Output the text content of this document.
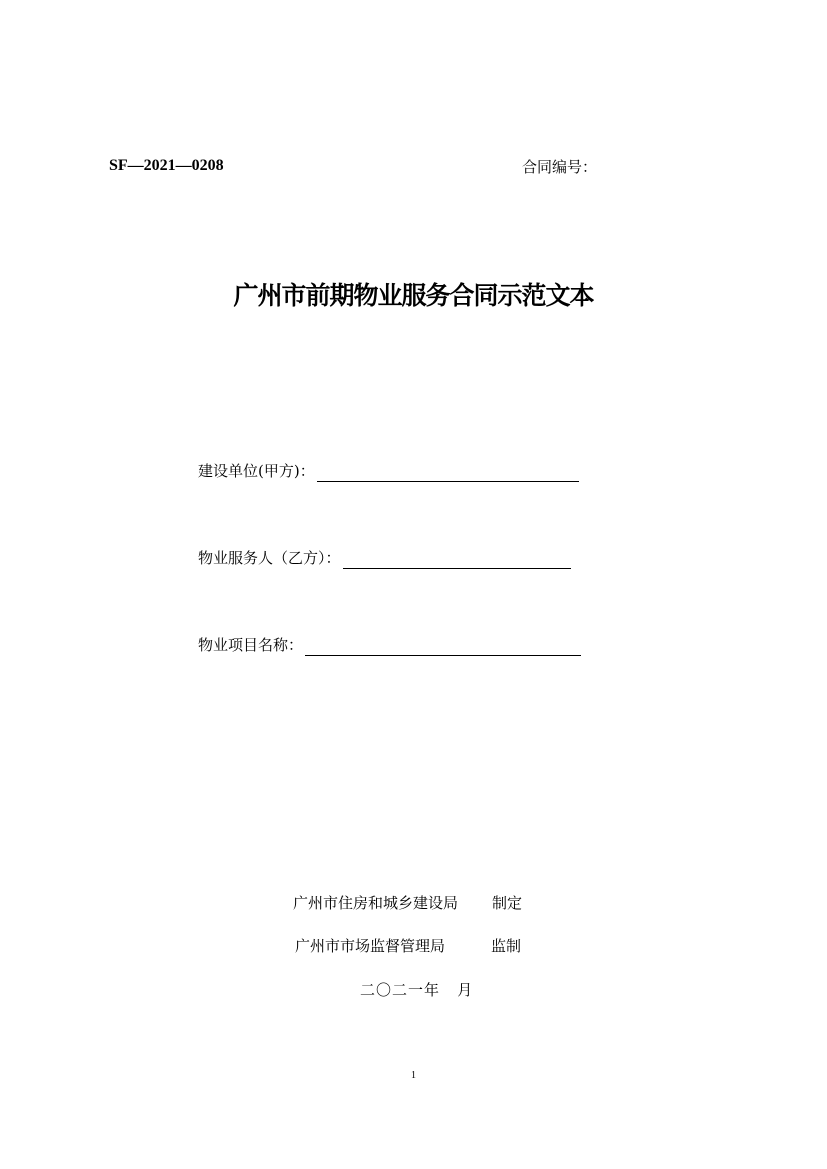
SF—2021—0208	合同编号：
广州市前期物业服务合同示范文本
建设单位(甲方)：
物业服务人（乙方）：
物业项目名称：
广州市住房和城乡建设局 制定
广州市市场监督管理局	监制
二〇二一年   月
1
